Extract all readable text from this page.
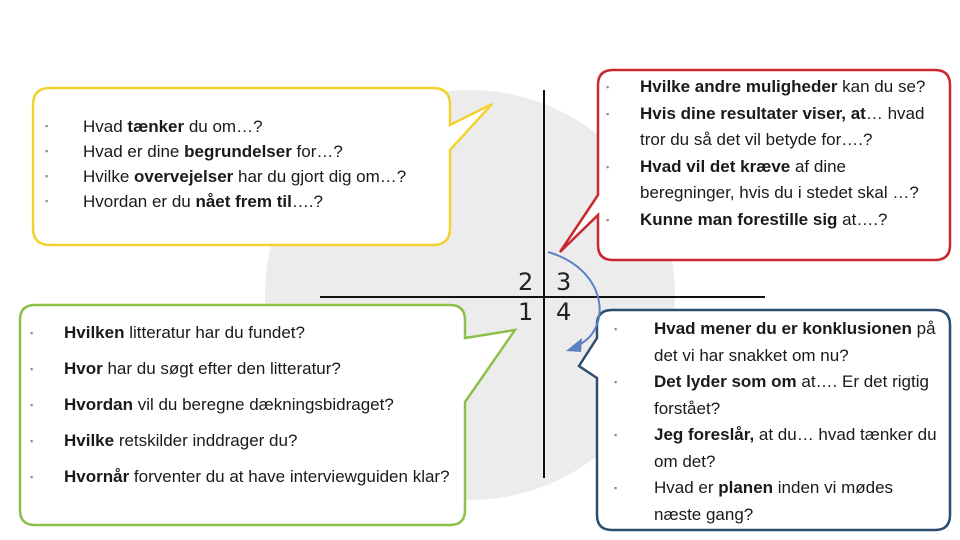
2 3
1 4
▪ Hvad tænker du om…?
▪ Hvad er dine begrundelser for…?
▪ Hvilke overvejelser har du gjort dig om…?
▪ Hvordan er du nået frem til….?
▪ Hvilken litteratur har du fundet?
▪ Hvor har du søgt efter den litteratur?
▪ Hvordan vil du beregne dækningsbidraget?
▪ Hvilke retskilder inddrager du?
▪ Hvornår forventer du at have interviewguiden klar?
▪ Hvilke andre muligheder kan du se?
▪ Hvis dine resultater viser, at… hvad tror du så det vil betyde for….?
▪ Hvad vil det kræve af dine beregninger, hvis du i stedet skal …?
▪ Kunne man forestille sig at….?
▪ Hvad mener du er konklusionen på det vi har snakket om nu?
▪ Det lyder som om at…. Er det rigtig forstået?
▪ Jeg foreslår, at du… hvad tænker du om det?
▪ Hvad er planen inden vi mødes næste gang?
